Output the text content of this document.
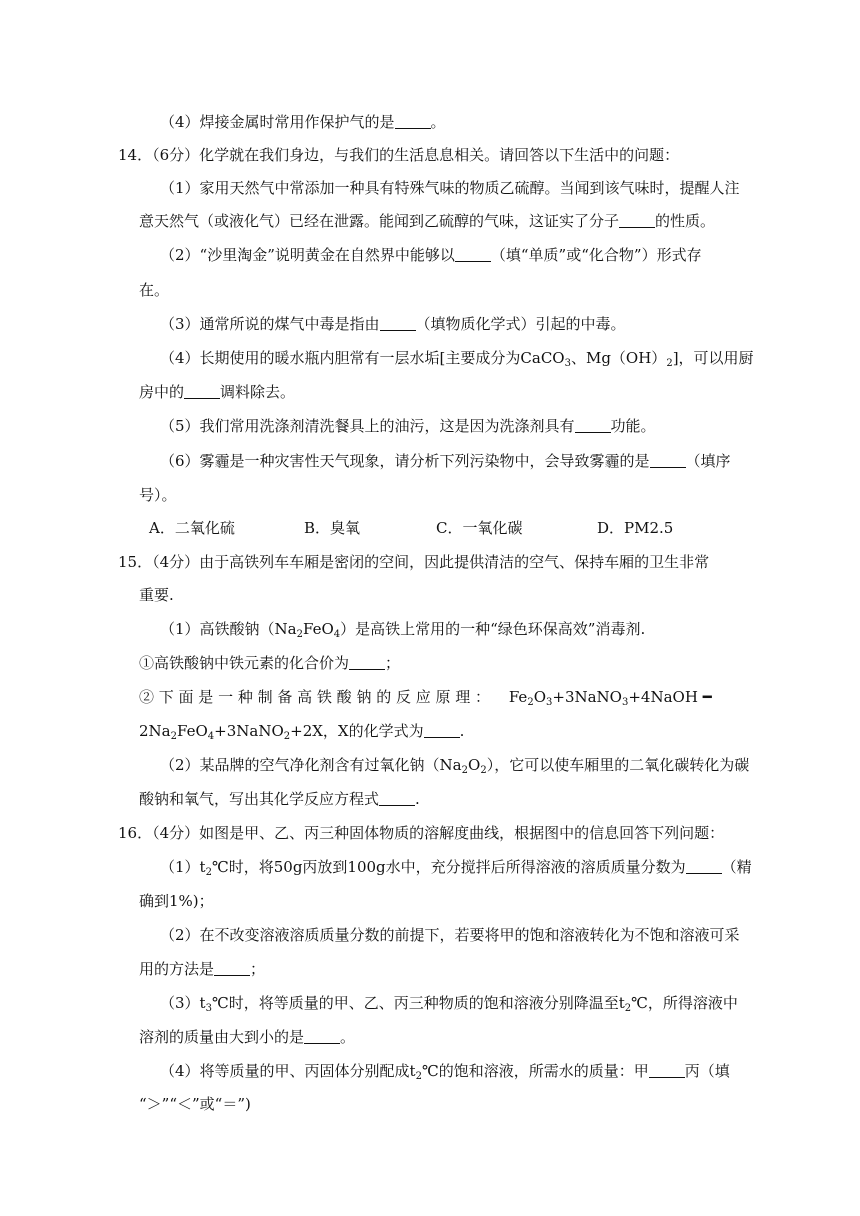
（4）焊接金属时常用作保护气的是 。
14．（6分）化学就在我们身边，与我们的生活息息相关。请回答以下生活中的问题：
（1）家用天然气中常添加一种具有特殊气味的物质乙硫醇。当闻到该气味时，提醒人注
意天然气（或液化气）已经在泄露。能闻到乙硫醇的气味，这证实了分子 的性质。
（2）“沙里淘金”说明黄金在自然界中能够以 （填“单质”或“化合物”）形式存
在。
（3）通常所说的煤气中毒是指由 （填物质化学式）引起的中毒。
（4）长期使用的暖水瓶内胆常有一层水垢[主要成分为CaCO$_3$、$Mg(OH)_2$]，可以用厨
房中的 调料除去。
（5）我们常用洗涤剂清洗餐具上的油污，这是因为洗涤剂具有 功能。
（6）雾霾是一种灾害性天气现象，请分析下列污染物中，会导致雾霾的是 （填序
号）。
A．二氧化硫	B．臭氧	C．一氧化碳	D．PM2.5
15．（4分）由于高铁列车车厢是密闭的空间，因此提供清洁的空气、保持车厢的卫生非常
重要.
（1）高铁酸钠$(Na_2FeO_4)$是高铁上常用的一种“绿色环保高效”消毒剂.
①高铁酸钠中铁元素的化合价为 ；
② 下 面 是 一 种 制 备 高 铁 酸 钠 的 反 应 原 理 ： $Fe_2O_3+3NaNO_3+4NaOH$ ━
$2Na_2FeO_4+3NaNO_2+2X$，X的化学式为 .
（2）某品牌的空气净化剂含有过氧化钠$(Na_2O_2)$，它可以使车厢里的二氧化碳转化为碳
酸钠和氧气，写出其化学反应方程式 .
16．（4分）如图是甲、乙、丙三种固体物质的溶解度曲线，根据图中的信息回答下列问题：
$(1)t_2℃$时，将50g丙放到100g水中，充分搅拌后所得溶液的溶质质量分数为 （精
确到1%)；
（2）在不改变溶液溶质质量分数的前提下，若要将甲的饱和溶液转化为不饱和溶液可采
用的方法是 ；
$(3)t_3℃$时，将等质量的甲、乙、丙三种物质的饱和溶液分别降温至$t_2℃$，所得溶液中
溶剂的质量由大到小的是 。
（4）将等质量的甲、丙固体分别配成$t_2℃$的饱和溶液，所需水的质量：甲 丙（填
“＞”“＜”或“＝”)
